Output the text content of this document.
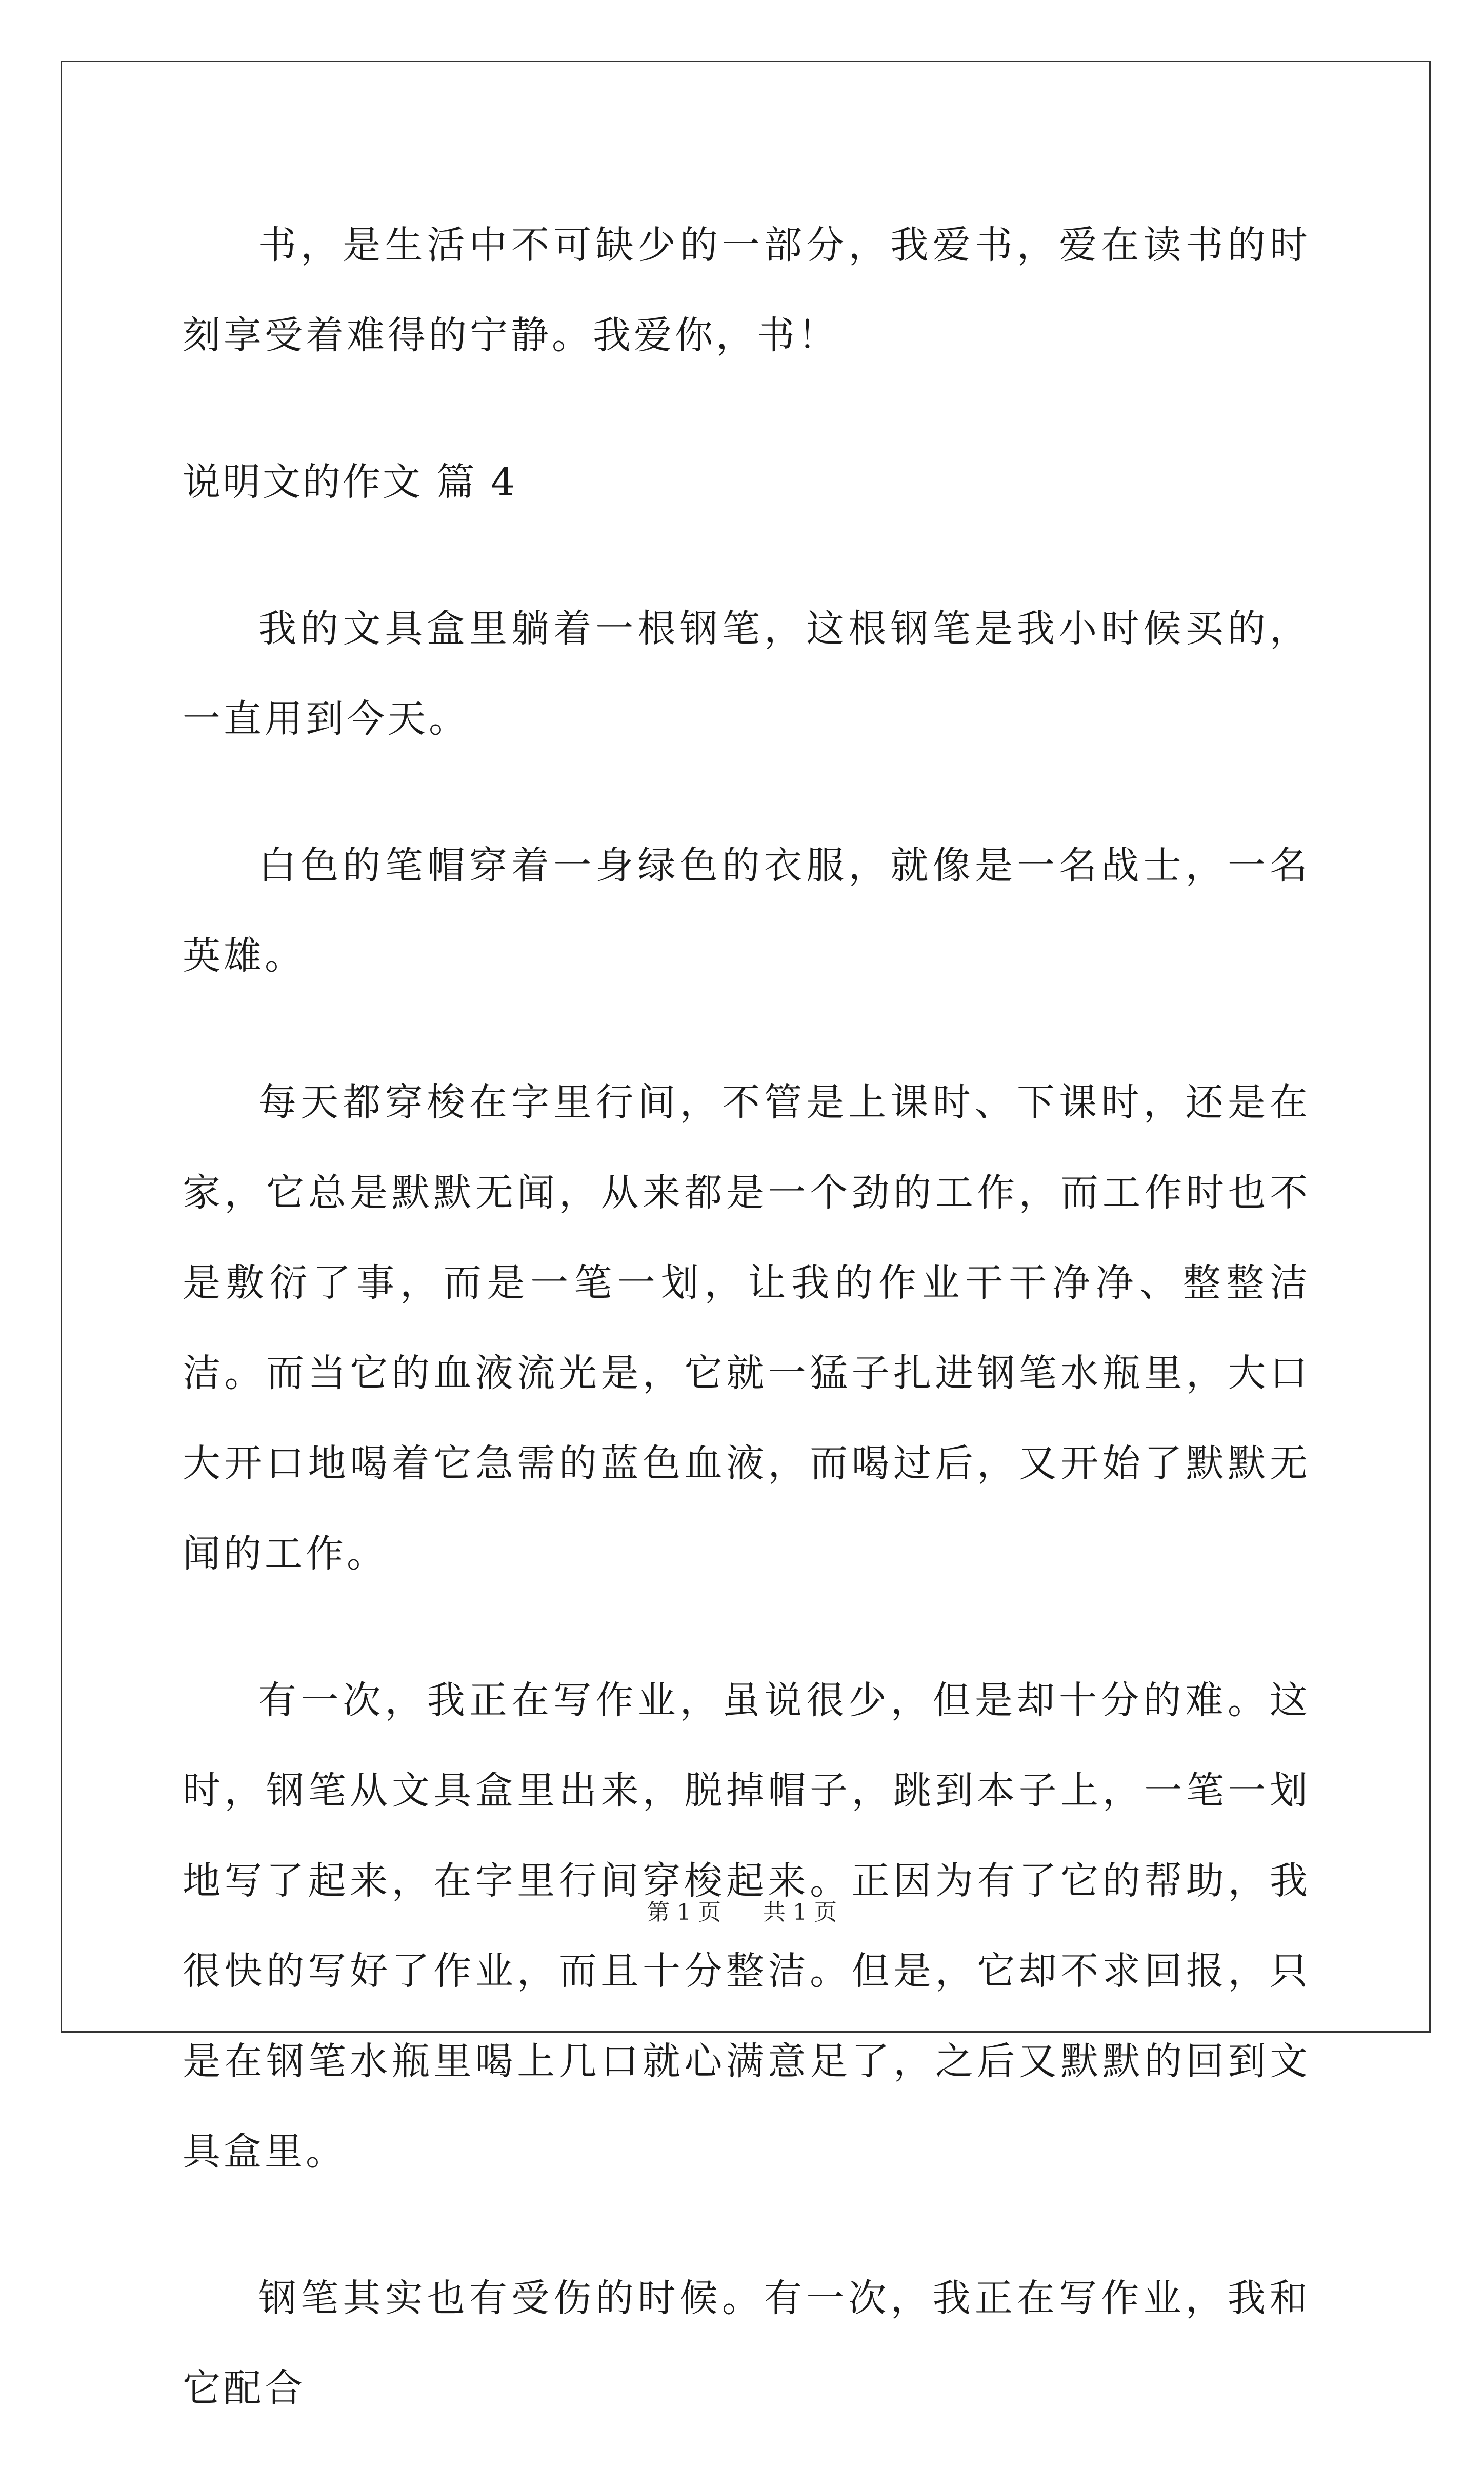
书，是生活中不可缺少的一部分，我爱书，爱在读书的时刻享受着难得的宁静。我爱你，书！

说明文的作文 篇 4

我的文具盒里躺着一根钢笔，这根钢笔是我小时候买的，一直用到今天。

白色的笔帽穿着一身绿色的衣服，就像是一名战士，一名英雄。

每天都穿梭在字里行间，不管是上课时、下课时，还是在家，它总是默默无闻，从来都是一个劲的工作，而工作时也不是敷衍了事，而是一笔一划，让我的作业干干净净、整整洁洁。而当它的血液流光是，它就一猛子扎进钢笔水瓶里，大口大开口地喝着它急需的蓝色血液，而喝过后，又开始了默默无闻的工作。

有一次，我正在写作业，虽说很少，但是却十分的难。这时，钢笔从文具盒里出来，脱掉帽子，跳到本子上，一笔一划地写了起来，在字里行间穿梭起来。正因为有了它的帮助，我很快的写好了作业，而且十分整洁。但是，它却不求回报，只是在钢笔水瓶里喝上几口就心满意足了，之后又默默的回到文具盒里。

钢笔其实也有受伤的时候。有一次，我正在写作业，我和它配合

第 1 页 共 1 页
